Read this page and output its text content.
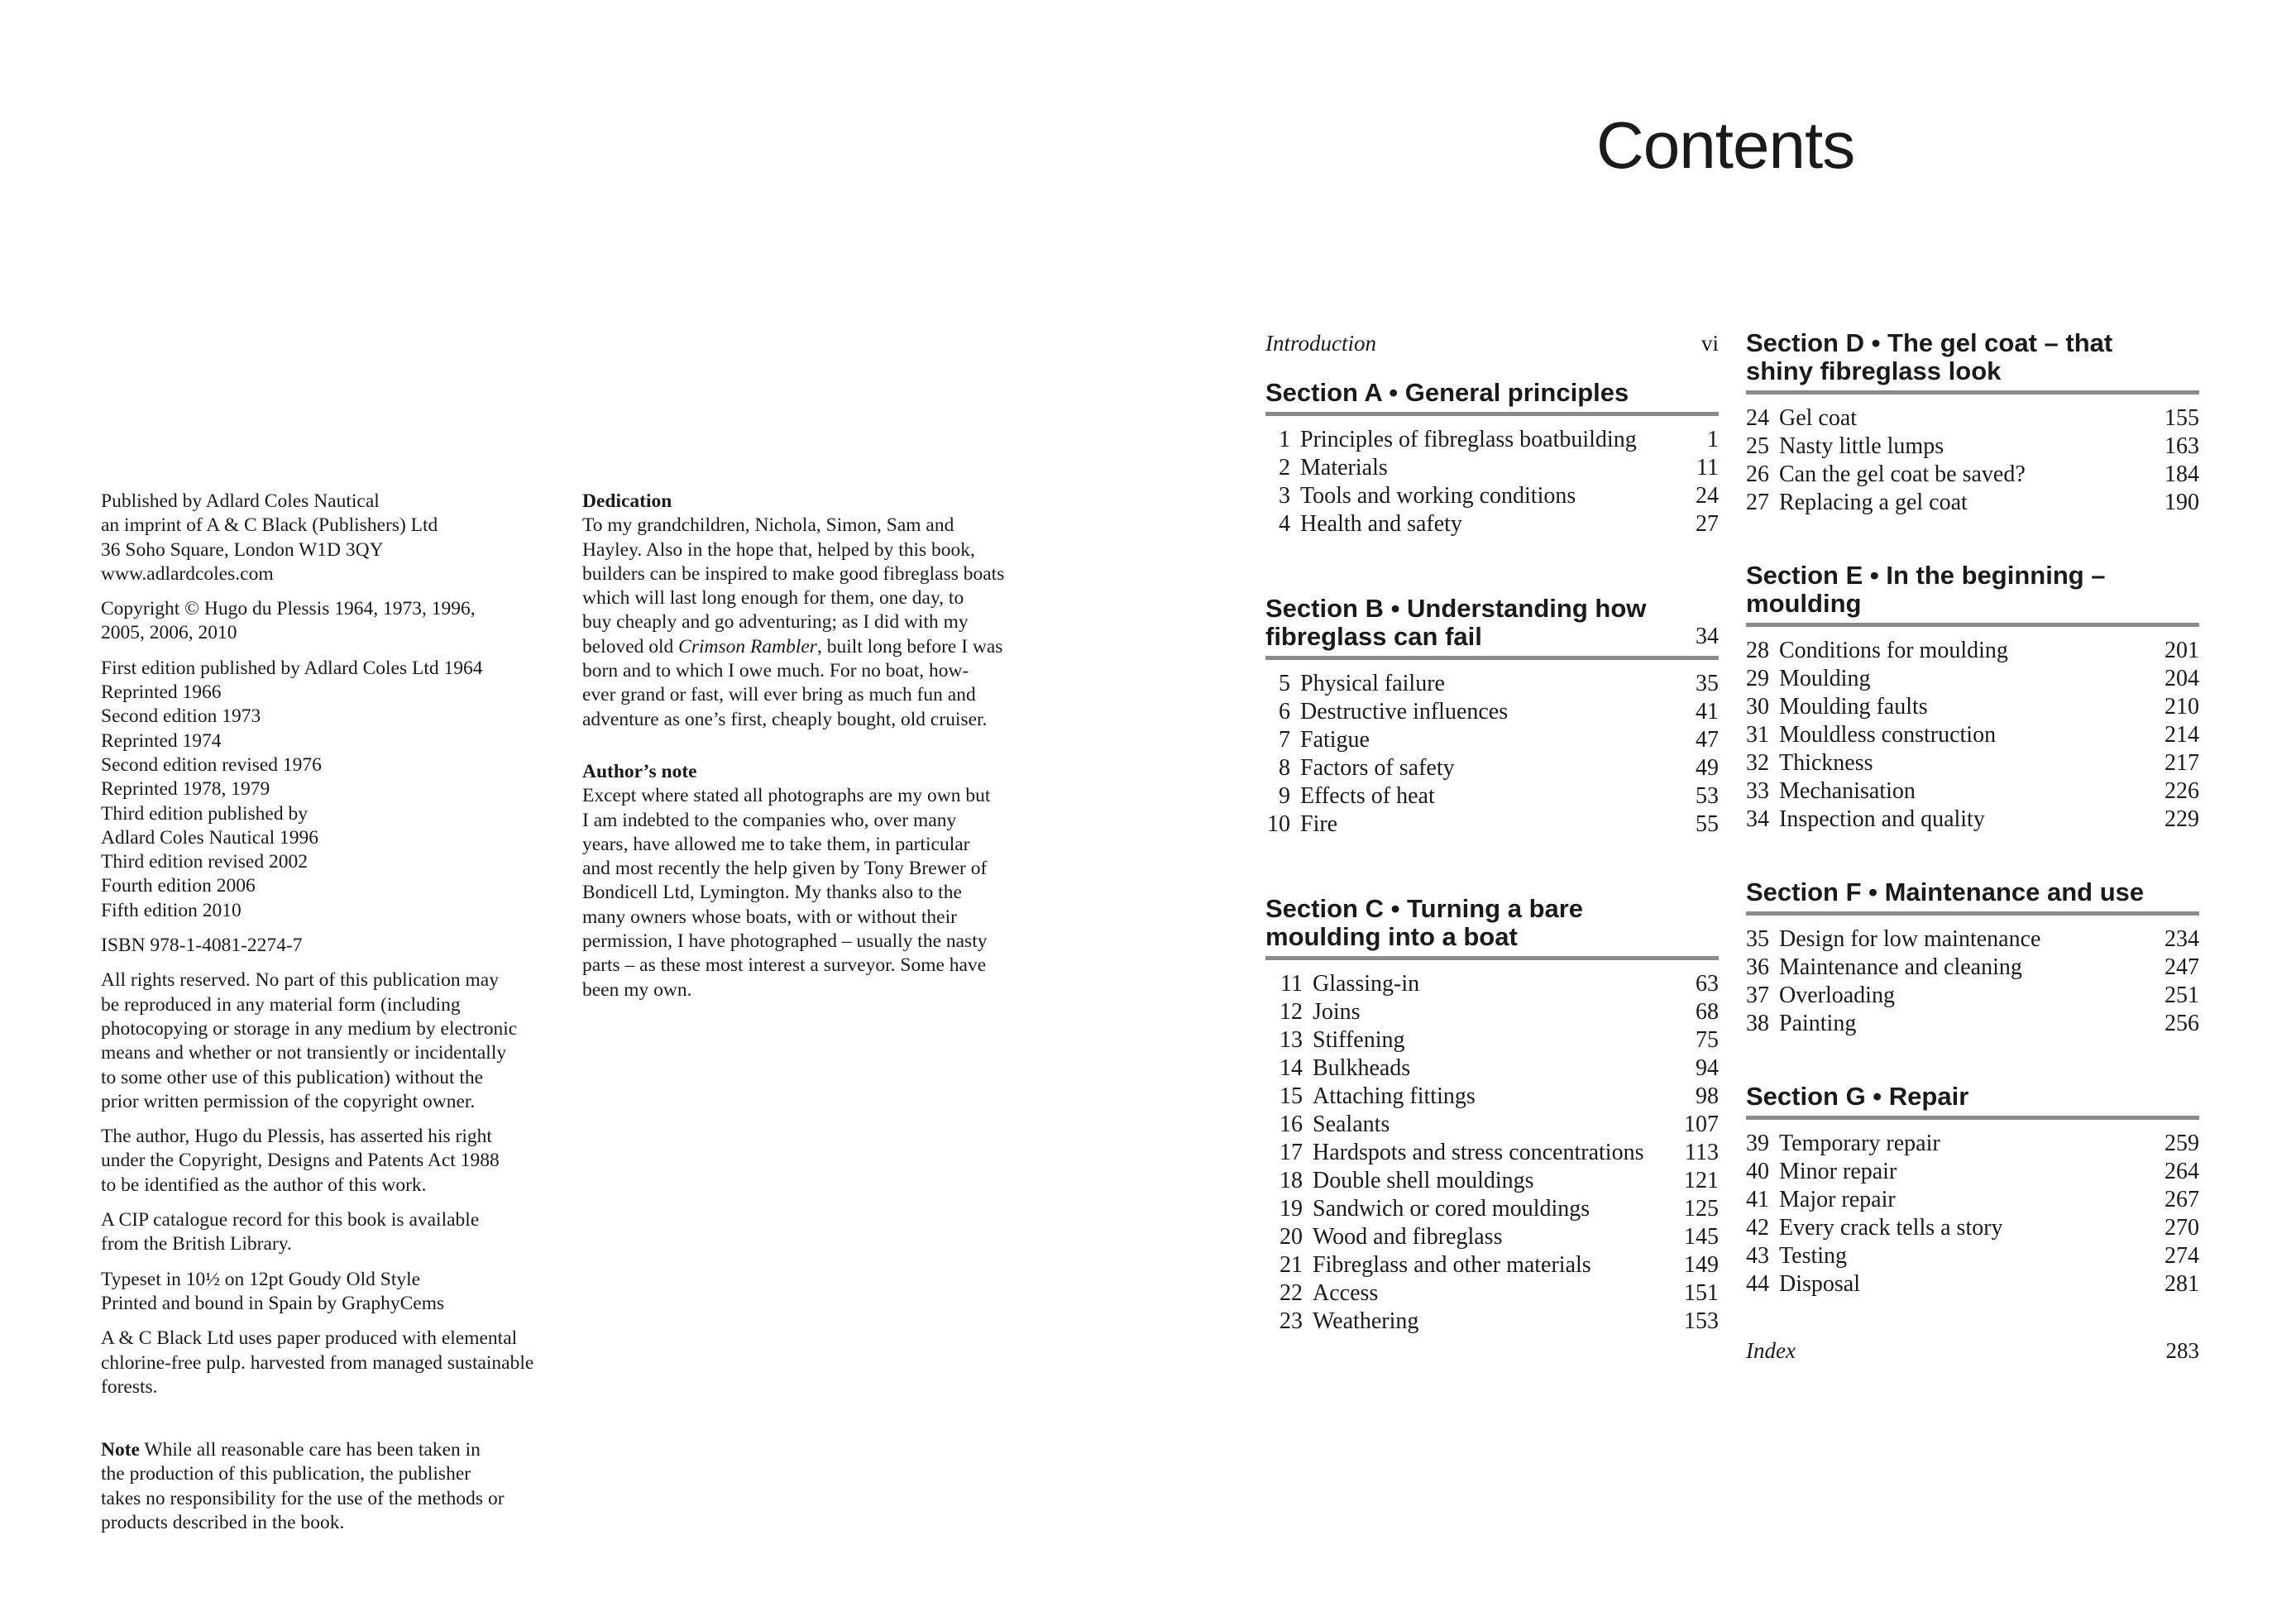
Published by Adlard Coles Nautical
an imprint of A & C Black (Publishers) Ltd
36 Soho Square, London W1D 3QY
www.adlardcoles.com

Copyright © Hugo du Plessis 1964, 1973, 1996,
2005, 2006, 2010

First edition published by Adlard Coles Ltd 1964
Reprinted 1966
Second edition 1973
Reprinted 1974
Second edition revised 1976
Reprinted 1978, 1979
Third edition published by
Adlard Coles Nautical 1996
Third edition revised 2002
Fourth edition 2006
Fifth edition 2010

ISBN 978-1-4081-2274-7

All rights reserved. No part of this publication may
be reproduced in any material form (including
photocopying or storage in any medium by electronic
means and whether or not transiently or incidentally
to some other use of this publication) without the
prior written permission of the copyright owner.

The author, Hugo du Plessis, has asserted his right
under the Copyright, Designs and Patents Act 1988
to be identified as the author of this work.

A CIP catalogue record for this book is available
from the British Library.

Typeset in 10½ on 12pt Goudy Old Style
Printed and bound in Spain by GraphyCems

A & C Black Ltd uses paper produced with elemental
chlorine-free pulp. harvested from managed sustainable
forests.

Note While all reasonable care has been taken in
the production of this publication, the publisher
takes no responsibility for the use of the methods or
products described in the book.

Dedication

To my grandchildren, Nichola, Simon, Sam and
Hayley. Also in the hope that, helped by this book,
builders can be inspired to make good fibreglass boats
which will last long enough for them, one day, to
buy cheaply and go adventuring; as I did with my
beloved old Crimson Rambler, built long before I was
born and to which I owe much. For no boat, how-
ever grand or fast, will ever bring as much fun and
adventure as one’s first, cheaply bought, old cruiser.

Author’s note

Except where stated all photographs are my own but
I am indebted to the companies who, over many
years, have allowed me to take them, in particular
and most recently the help given by Tony Brewer of
Bondicell Ltd, Lymington. My thanks also to the
many owners whose boats, with or without their
permission, I have photographed – usually the nasty
parts – as these most interest a surveyor. Some have
been my own.

Contents
Introduction	vi
Section A • General principles
1 Principles of fibreglass boatbuilding	1
2 Materials	11
3 Tools and working conditions	24
4 Health and safety	27
Section B • Understanding how
fibreglass can fail	34
5 Physical failure	35
6 Destructive influences	41
7 Fatigue	47
8 Factors of safety	49
9 Effects of heat	53
10 Fire	55
Section C • Turning a bare
moulding into a boat
11 Glassing-in	63
12 Joins	68
13 Stiffening	75
14 Bulkheads	94
15 Attaching fittings	98
16 Sealants	107
17 Hardspots and stress concentrations 113
18 Double shell mouldings	121
19 Sandwich or cored mouldings	125
20 Wood and fibreglass	145
21 Fibreglass and other materials	149
22 Access	151
23 Weathering	153
Section D • The gel coat – that
shiny fibreglass look
24 Gel coat	155
25 Nasty little lumps	163
26 Can the gel coat be saved?	184
27 Replacing a gel coat	190
Section E • In the beginning –
moulding
28 Conditions for moulding	201
29 Moulding	204
30 Moulding faults	210
31 Mouldless construction	214
32 Thickness	217
33 Mechanisation	226
34 Inspection and quality	229
Section F • Maintenance and use
35 Design for low maintenance	234
36 Maintenance and cleaning	247
37 Overloading	251
38 Painting	256
Section G • Repair
39 Temporary repair	259
40 Minor repair	264
41 Major repair	267
42 Every crack tells a story	270
43 Testing	274
44 Disposal	281
Index	283
